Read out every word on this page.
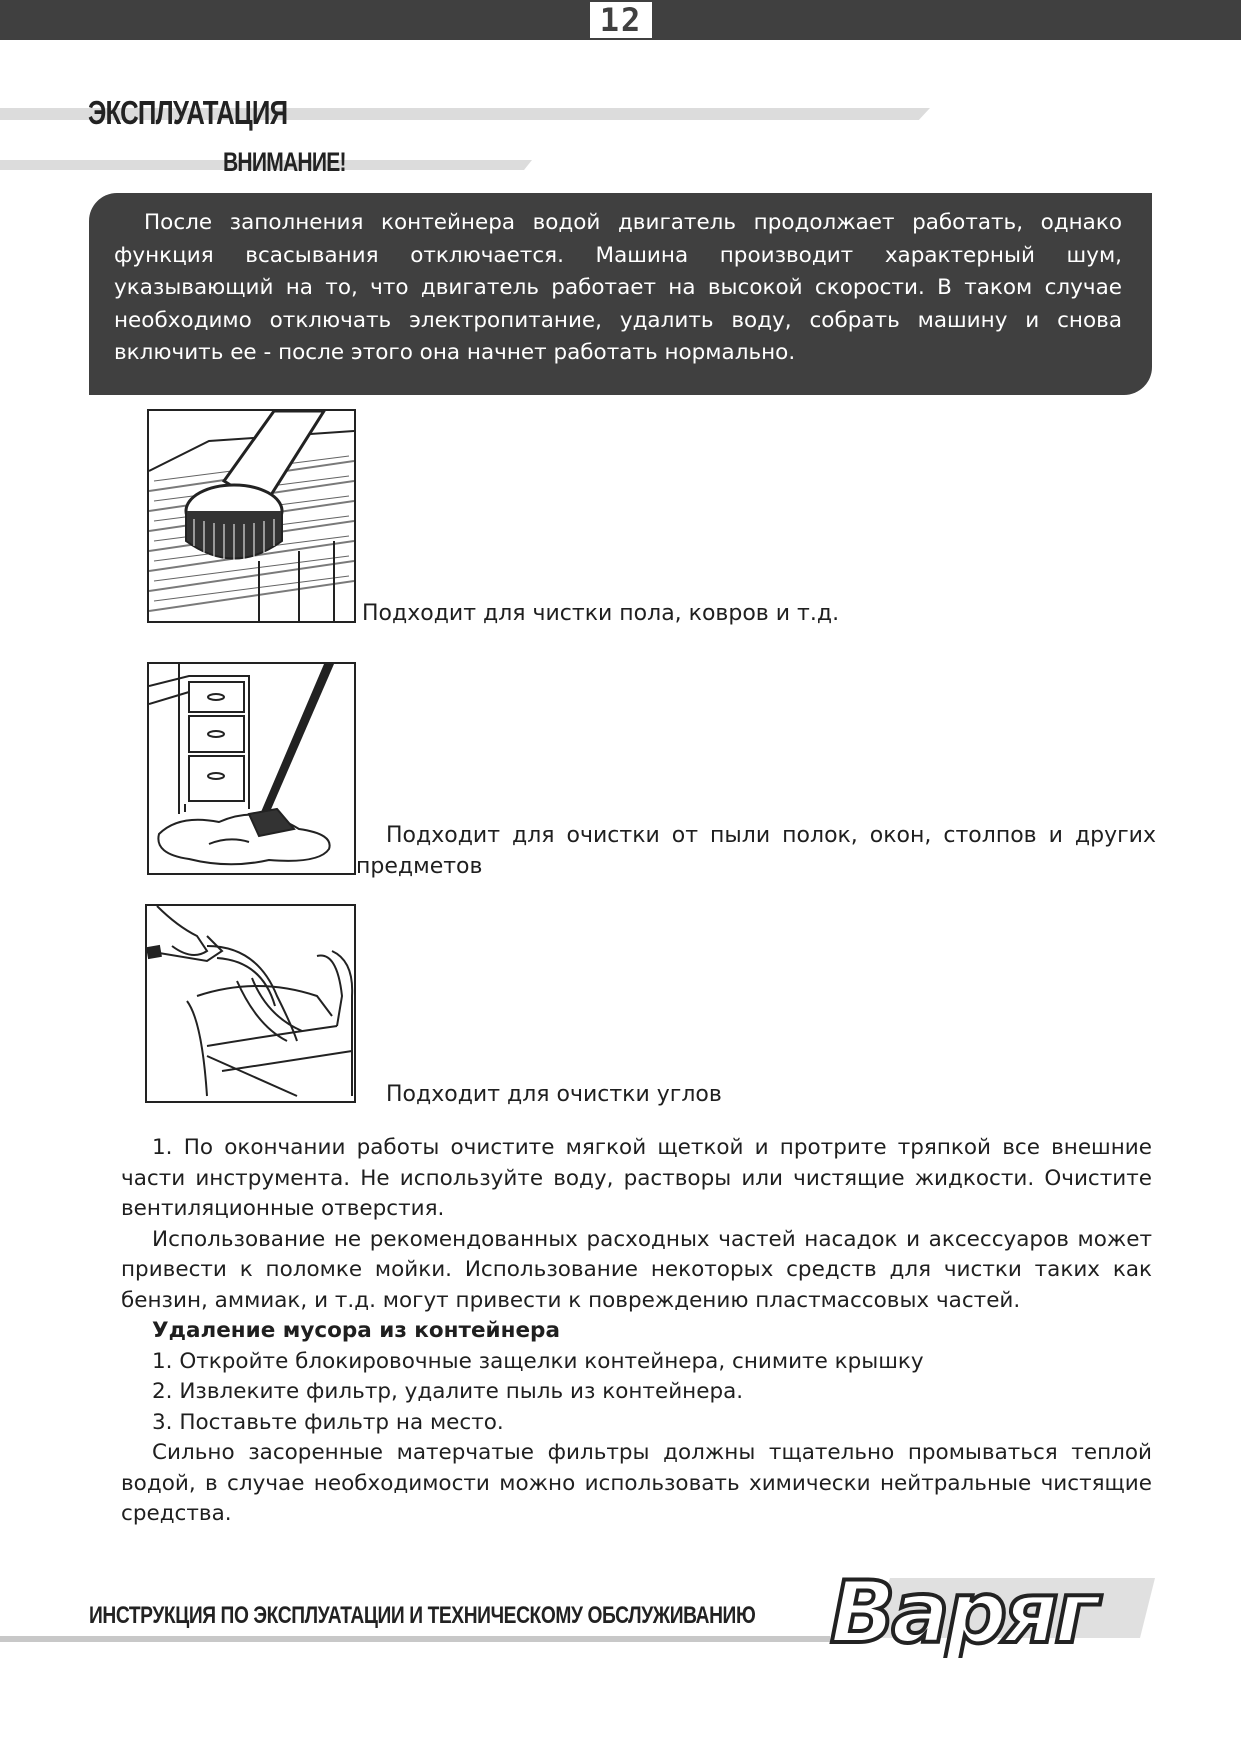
12
ЭКСПЛУАТАЦИЯ
ВНИМАНИЕ!

После заполнения контейнера водой двигатель продолжает работать, однако функция всасывания отключается. Машина производит характерный шум, указывающий на то, что двигатель работает на высокой скорости. В таком случае необходимо отключать электропитание, удалить воду, собрать машину и снова включить ее - после этого она начнет работать нормально.

Подходит для чистки пола, ковров и т.д.
Подходит для очистки от пыли полок, окон, столпов и других
предметов
Подходит для очистки углов

1. По окончании работы очистите мягкой щеткой и протрите тряпкой все внешние части инструмента. Не используйте воду, растворы или чистящие жидкости. Очистите вентиляционные отверстия.

Использование не рекомендованных расходных частей насадок и аксессуаров может привести к поломке мойки. Использование некоторых средств для чистки таких как бензин, аммиак, и т.д. могут привести к повреждению пластмассовых частей.

Удаление мусора из контейнера

1. Откройте блокировочные защелки контейнера, снимите крышку

2. Извлеките фильтр, удалите пыль из контейнера.

3. Поставьте фильтр на место.

Сильно засоренные матерчатые фильтры должны тщательно промываться теплой водой, в случае необходимости можно использовать химически нейтральные чистящие средства.

ИНСТРУКЦИЯ ПО ЭКСПЛУАТАЦИИ И ТЕХНИЧЕСКОМУ ОБСЛУЖИВАНИЮ Варяг
